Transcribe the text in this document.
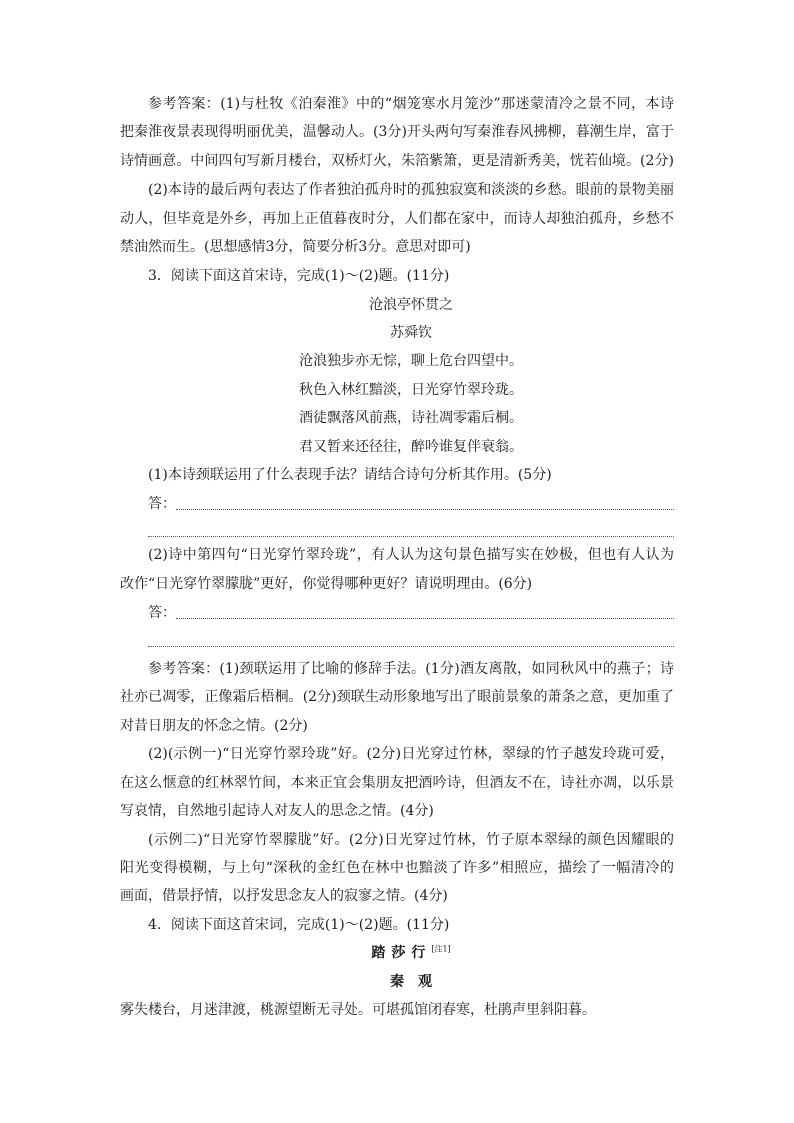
参考答案：(1)与杜牧《泊秦淮》中的“烟笼寒水月笼沙”那迷蒙清冷之景不同，本诗
把秦淮夜景表现得明丽优美，温馨动人。(3分)开头两句写秦淮春风拂柳，暮潮生岸，富于
诗情画意。中间四句写新月楼台，双桥灯火，朱箔紫箫，更是清新秀美，恍若仙境。(2分)
(2)本诗的最后两句表达了作者独泊孤舟时的孤独寂寞和淡淡的乡愁。眼前的景物美丽
动人，但毕竟是外乡，再加上正值暮夜时分，人们都在家中，而诗人却独泊孤舟，乡愁不
禁油然而生。(思想感情3分，简要分析3分。意思对即可)
3．阅读下面这首宋诗，完成(1)～(2)题。(11分)
沧浪亭怀贯之
苏舜钦
沧浪独步亦无悰，聊上危台四望中。
秋色入林红黯淡，日光穿竹翠玲珑。
酒徒飘落风前燕，诗社凋零霜后桐。
君又暂来还径往，醉吟谁复伴衰翁。
(1)本诗颈联运用了什么表现手法？请结合诗句分析其作用。(5分)
答：
(2)诗中第四句“日光穿竹翠玲珑”，有人认为这句景色描写实在妙极，但也有人认为
改作“日光穿竹翠朦胧”更好，你觉得哪种更好？请说明理由。(6分)
答：
参考答案：(1)颈联运用了比喻的修辞手法。(1分)酒友离散，如同秋风中的燕子；诗
社亦已凋零，正像霜后梧桐。(2分)颈联生动形象地写出了眼前景象的萧条之意，更加重了
对昔日朋友的怀念之情。(2分)
(2)(示例一)“日光穿竹翠玲珑”好。(2分)日光穿过竹林，翠绿的竹子越发玲珑可爱，
在这么惬意的红林翠竹间，本来正宜会集朋友把酒吟诗，但酒友不在，诗社亦凋，以乐景
写哀情，自然地引起诗人对友人的思念之情。(4分)
(示例二)“日光穿竹翠朦胧”好。(2分)日光穿过竹林，竹子原本翠绿的颜色因耀眼的
阳光变得模糊，与上句“深秋的金红色在林中也黯淡了许多”相照应，描绘了一幅清冷的
画面，借景抒情，以抒发思念友人的寂寥之情。(4分)
4．阅读下面这首宋词，完成(1)～(2)题。(11分)
踏莎行[注1]
秦　观
雾失楼台，月迷津渡，桃源望断无寻处。可堪孤馆闭春寒，杜鹃声里斜阳暮。
